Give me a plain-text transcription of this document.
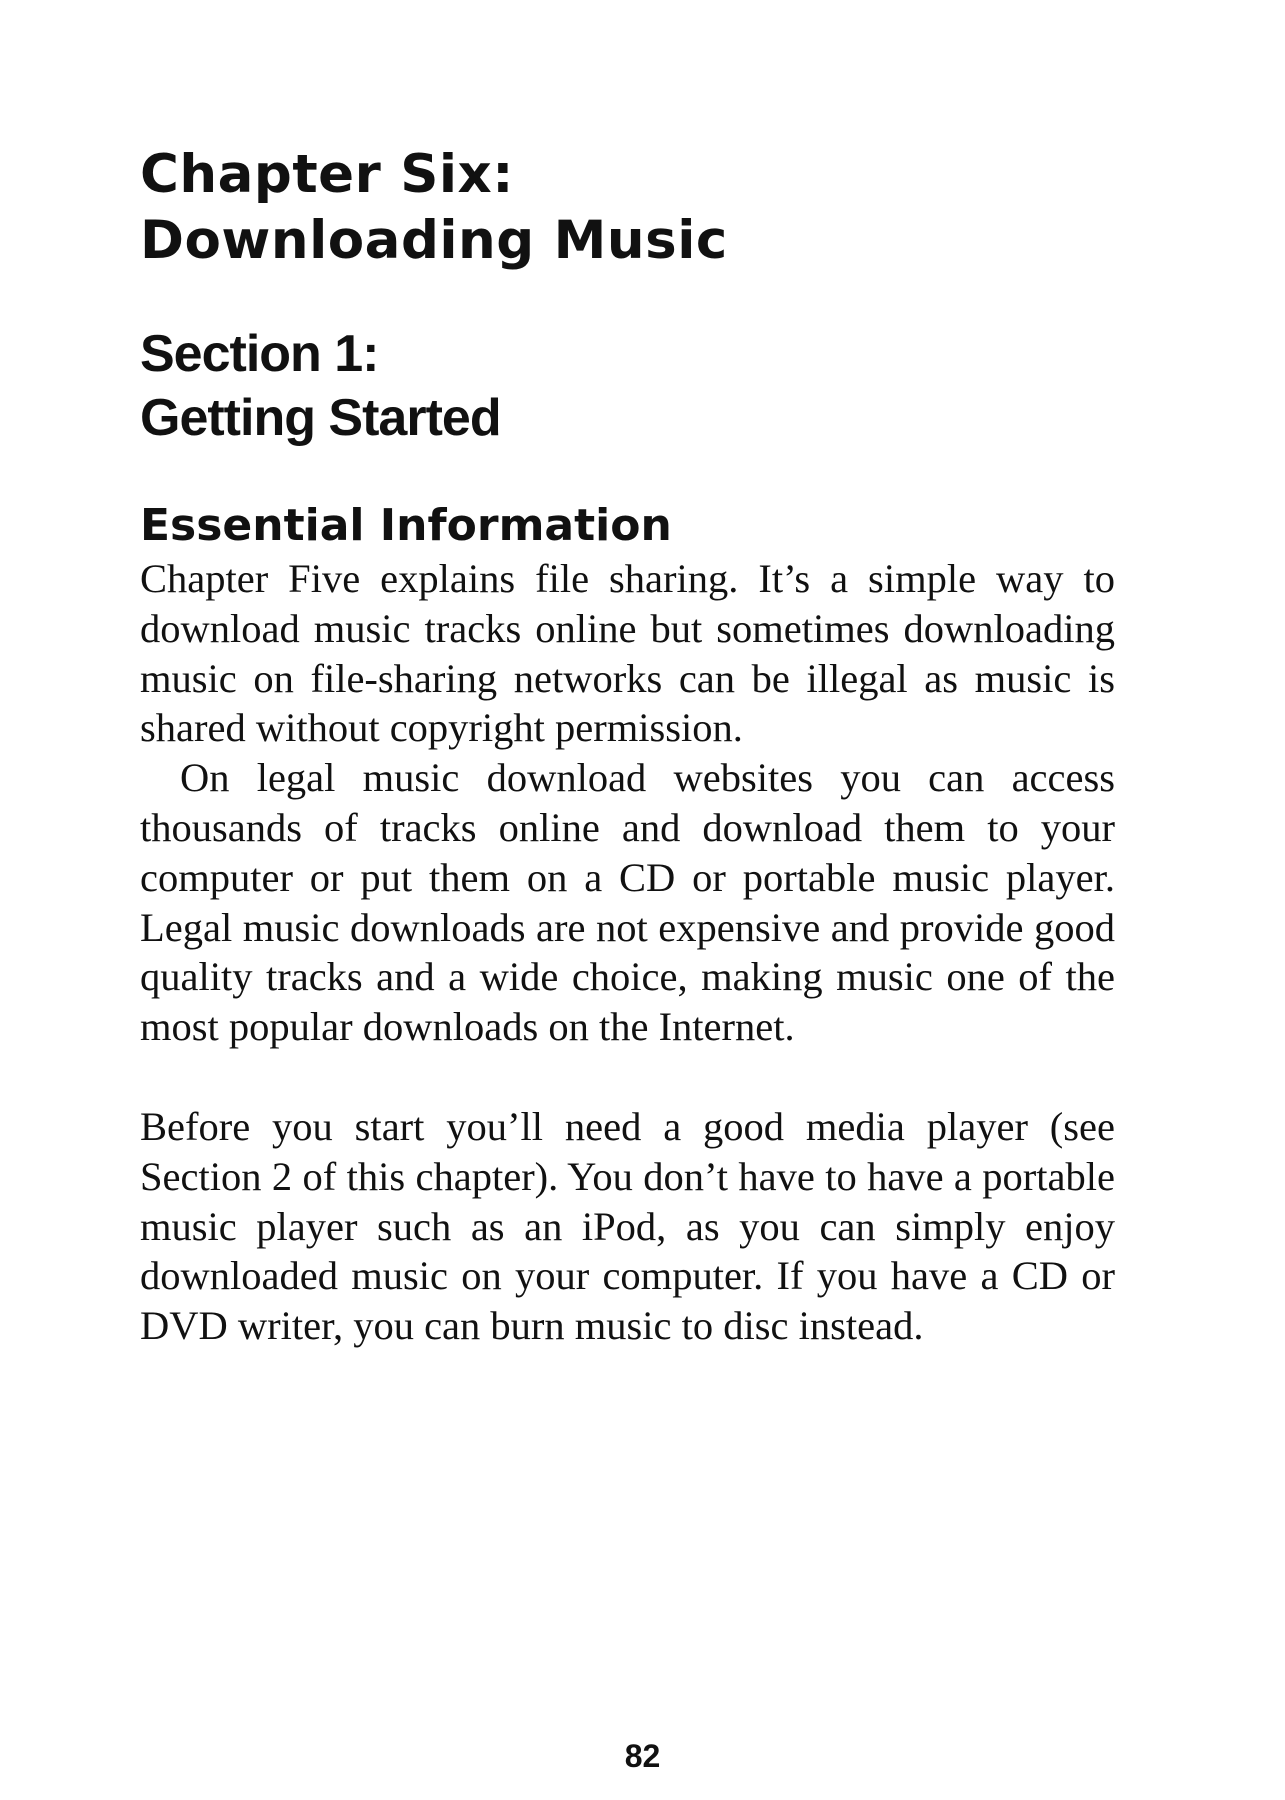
Chapter Six:
Downloading Music
Section 1:
Getting Started
Essential Information

Chapter Five explains file sharing. It’s a simple way to download music tracks online but sometimes downloading music on file-sharing networks can be illegal as music is shared without copyright permission.

On legal music download websites you can access thousands of tracks online and download them to your computer or put them on a CD or portable music player. Legal music downloads are not expensive and provide good quality tracks and a wide choice, making music one of the most popular downloads on the Internet.

Before you start you’ll need a good media player (see Section 2 of this chapter). You don’t have to have a portable music player such as an iPod, as you can simply enjoy downloaded music on your computer. If you have a CD or DVD writer, you can burn music to disc instead.

82
